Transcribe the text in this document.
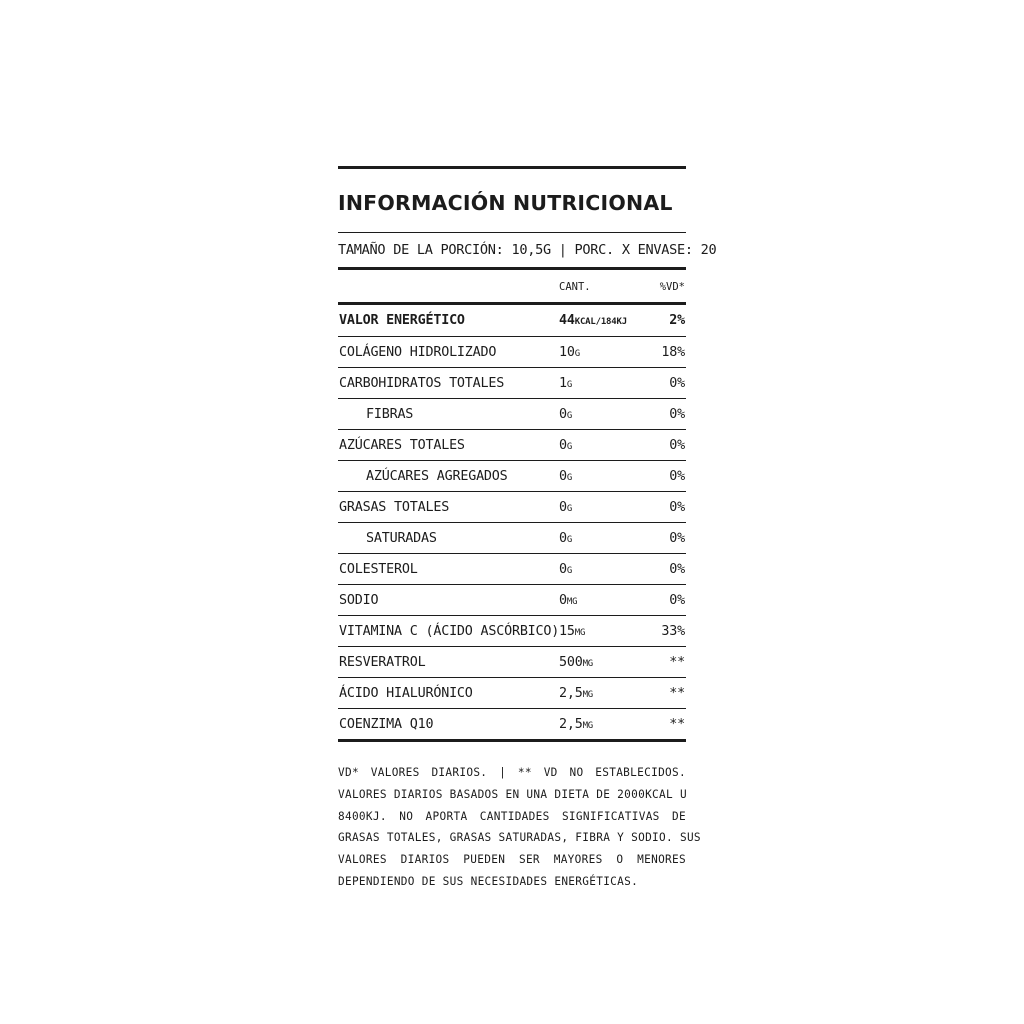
INFORMACIÓN NUTRICIONAL
TAMAÑO DE LA PORCIÓN: 10,5G | PORC. X ENVASE: 20
CANT.	%VD*
VALOR ENERGÉTICO	44KCAL/184KJ	2%
COLÁGENO HIDROLIZADO	10G	18%
CARBOHIDRATOS TOTALES	1G	0%
FIBRAS	0G	0%
AZÚCARES TOTALES	0G	0%
AZÚCARES AGREGADOS	0G	0%
GRASAS TOTALES	0G	0%
SATURADAS	0G	0%
COLESTEROL	0G	0%
SODIO	0MG	0%
VITAMINA C (ÁCIDO ASCÓRBICO) 15MG	33%
RESVERATROL	500MG	**
ÁCIDO HIALURÓNICO	2,5MG	**
COENZIMA Q10	2,5MG	**
VD* VALORES DIARIOS. | ** VD NO ESTABLECIDOS.
VALORES DIARIOS BASADOS EN UNA DIETA DE 2000KCAL U
8400KJ. NO APORTA CANTIDADES SIGNIFICATIVAS DE
GRASAS TOTALES, GRASAS SATURADAS, FIBRA Y SODIO. SUS
VALORES DIARIOS PUEDEN SER MAYORES O MENORES
DEPENDIENDO DE SUS NECESIDADES ENERGÉTICAS.
